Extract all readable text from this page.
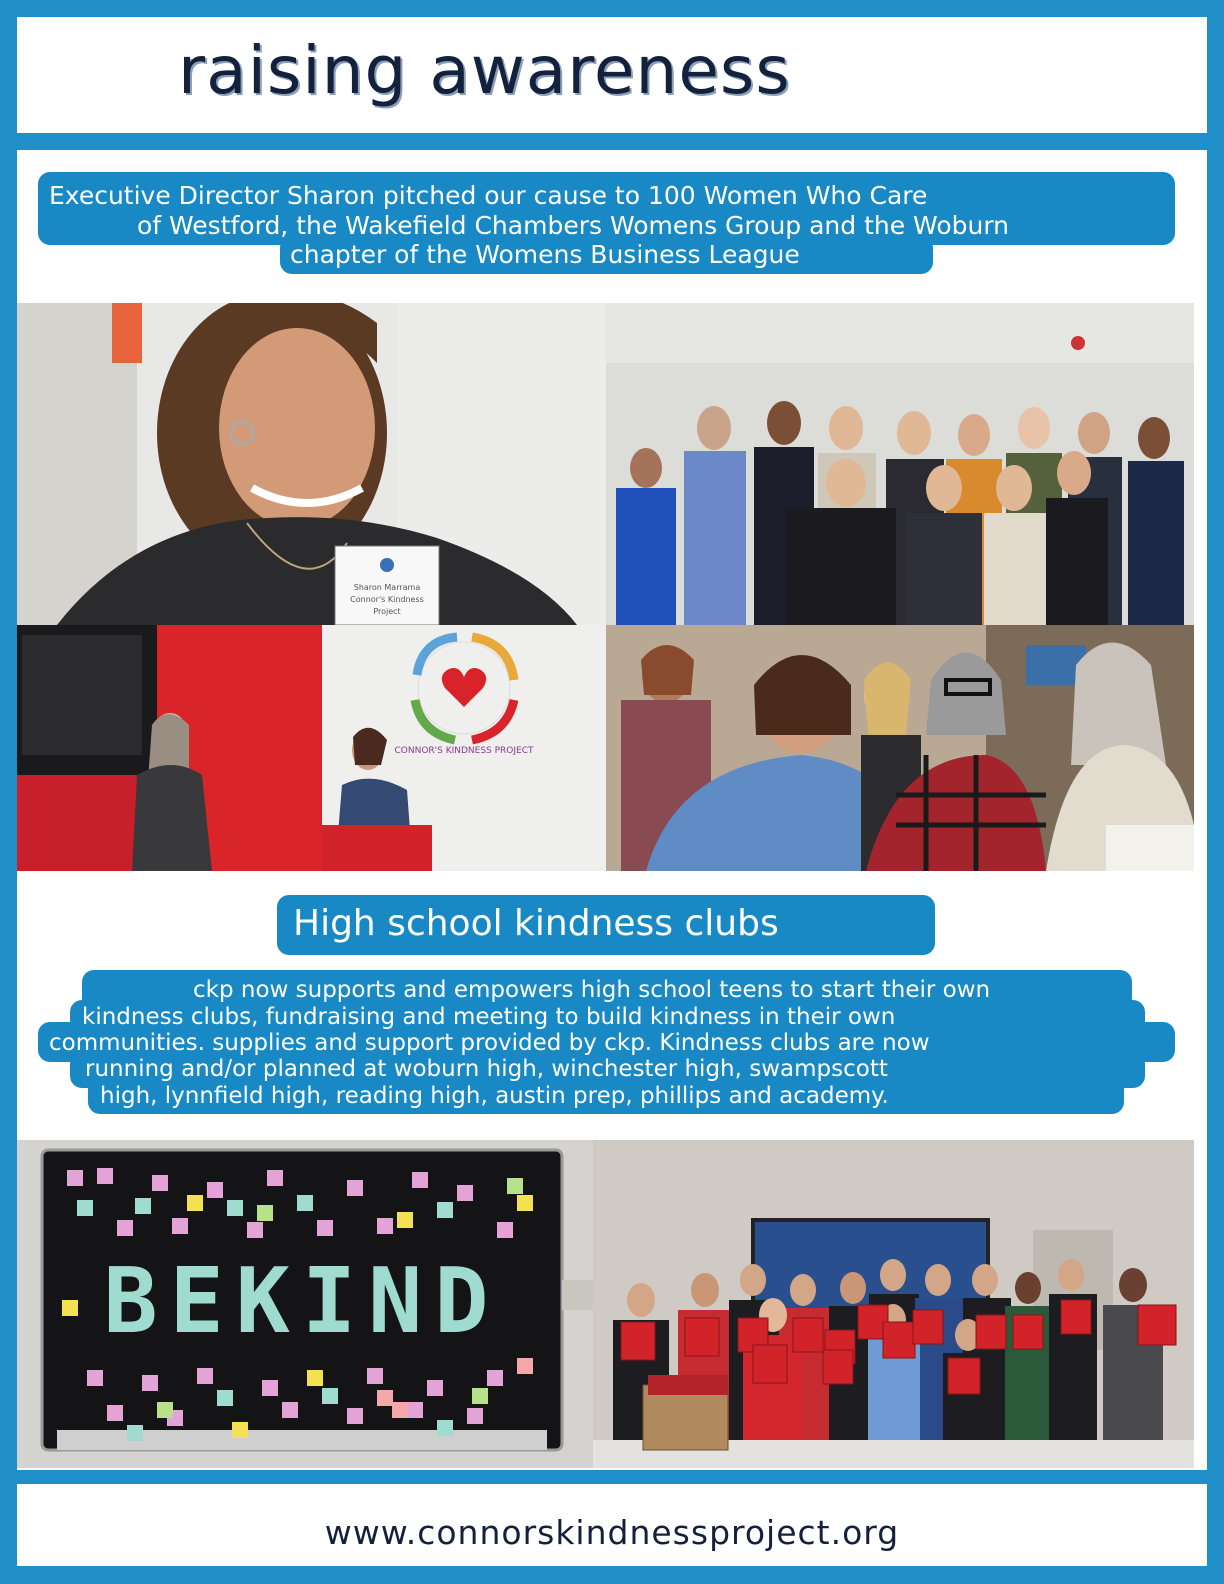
raising awareness
Executive Director Sharon pitched our cause to 100 Women Who Care
of Westford, the Wakefield Chambers Womens Group and the Woburn
chapter of the Womens Business League
Sharon Marrama
Connor's Kindness
Project
CONNOR'S KINDNESS PROJECT
High school kindness clubs
ckp now supports and empowers high school teens to start their own
kindness clubs, fundraising and meeting to build kindness in their own
communities. supplies and support provided by ckp. Kindness clubs are now
running and/or planned at woburn high, winchester high, swampscott
high, lynnfield high, reading high, austin prep, phillips and academy.
BEKIND
www.connorskindnessproject.org
